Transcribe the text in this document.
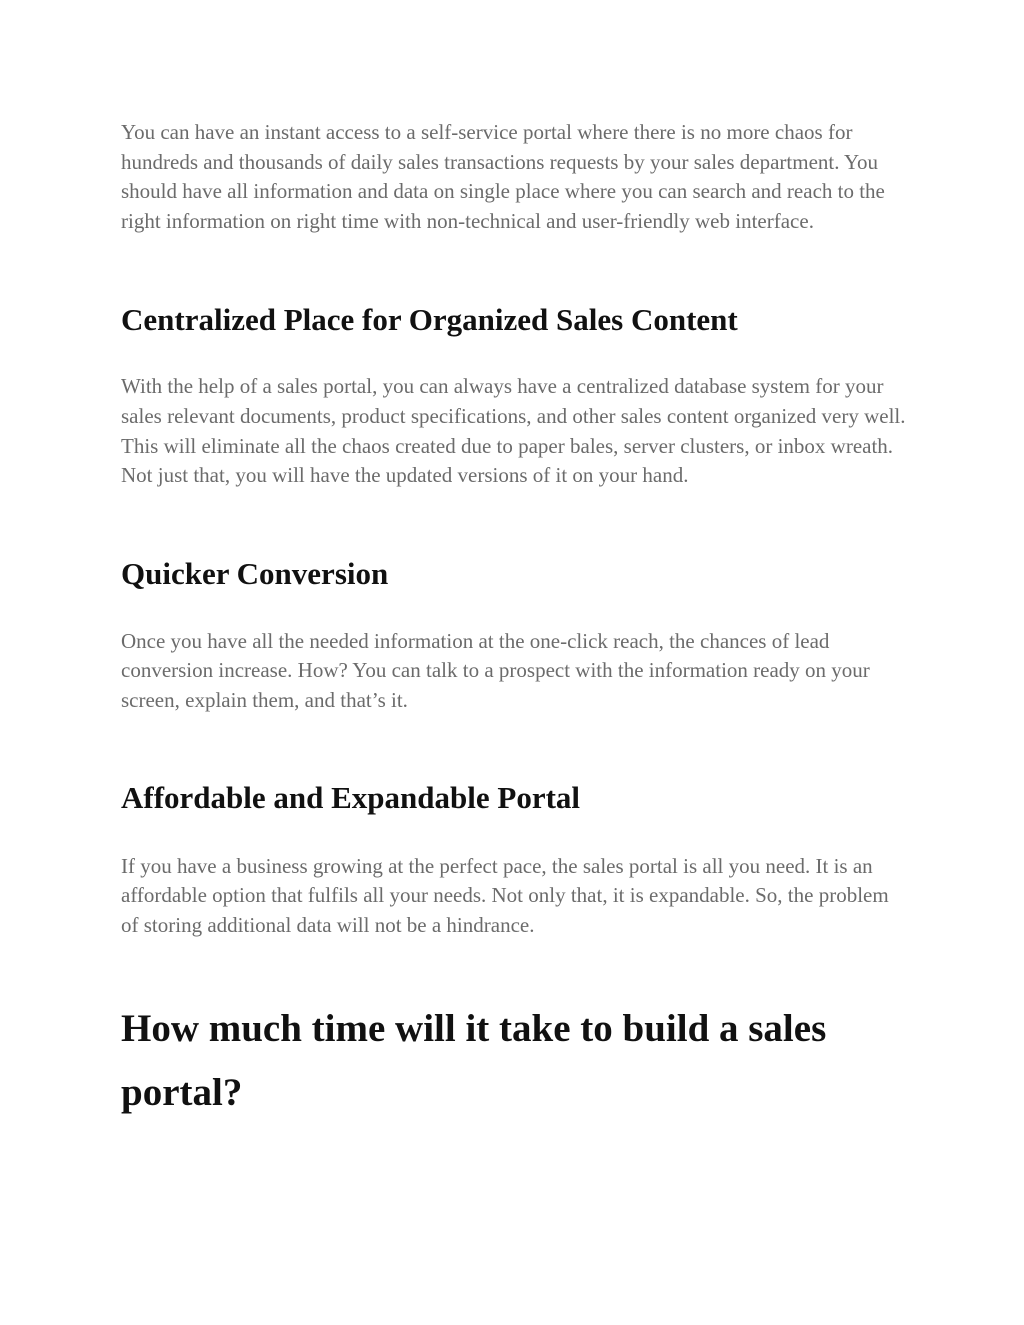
You can have an instant access to a self-service portal where there is no more chaos for hundreds and thousands of daily sales transactions requests by your sales department. You should have all information and data on single place where you can search and reach to the right information on right time with non-technical and user-friendly web interface.

Centralized Place for Organized Sales Content

With the help of a sales portal, you can always have a centralized database system for your sales relevant documents, product specifications, and other sales content organized very well. This will eliminate all the chaos created due to paper bales, server clusters, or inbox wreath. Not just that, you will have the updated versions of it on your hand.

Quicker Conversion

Once you have all the needed information at the one-click reach, the chances of lead conversion increase. How? You can talk to a prospect with the information ready on your screen, explain them, and that’s it.

Affordable and Expandable Portal

If you have a business growing at the perfect pace, the sales portal is all you need. It is an affordable option that fulfils all your needs. Not only that, it is expandable. So, the problem of storing additional data will not be a hindrance.

How much time will it take to build a sales portal?
